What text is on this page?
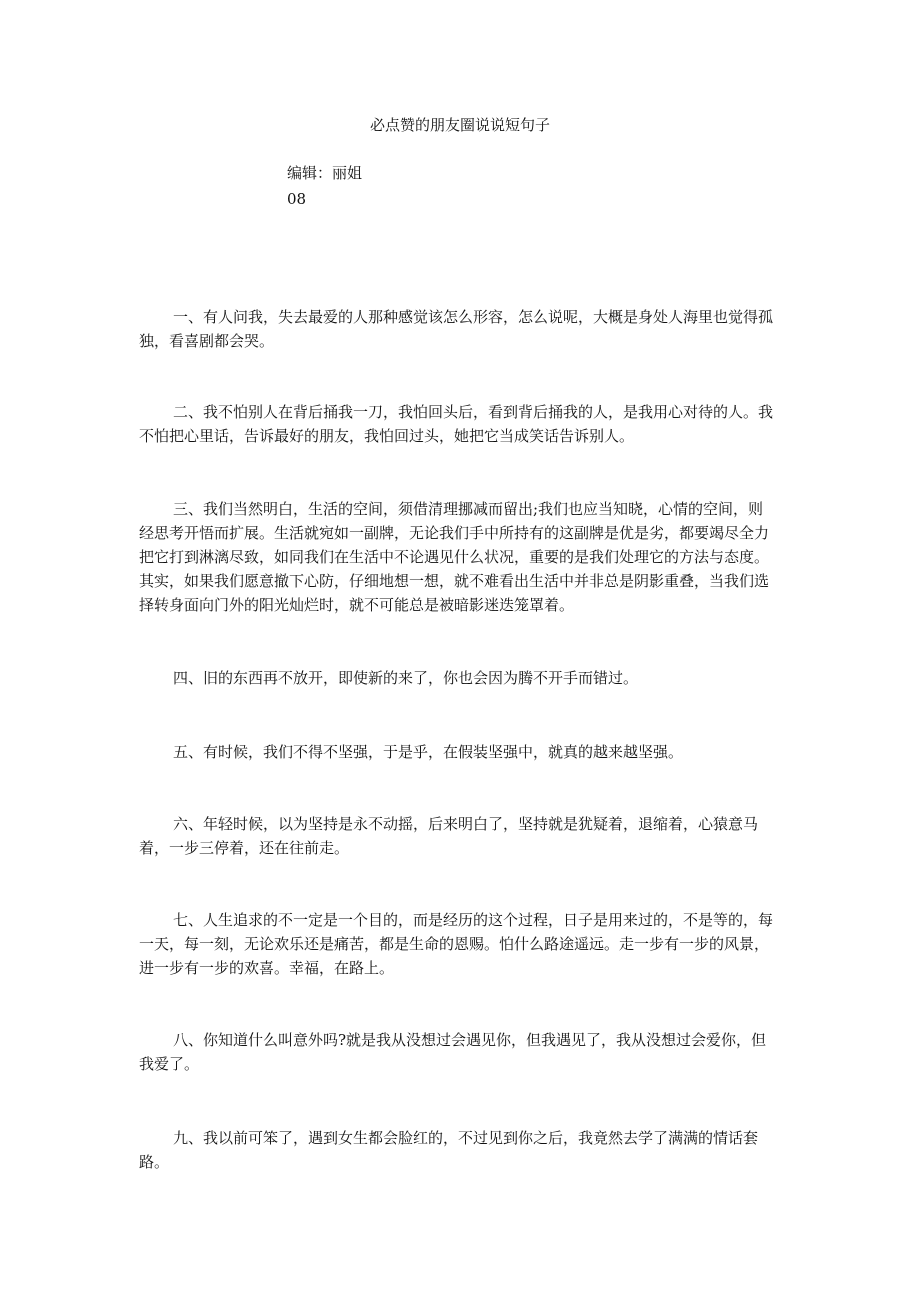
必点赞的朋友圈说说短句子
编辑：丽姐
08
一、有人问我，失去最爱的人那种感觉该怎么形容，怎么说呢，大概是身处人海里也觉得孤独，看喜剧都会哭。
二、我不怕别人在背后捅我一刀，我怕回头后，看到背后捅我的人，是我用心对待的人。我不怕把心里话，告诉最好的朋友，我怕回过头，她把它当成笑话告诉别人。
三、我们当然明白，生活的空间，须借清理挪减而留出;我们也应当知晓，心情的空间，则经思考开悟而扩展。生活就宛如一副牌，无论我们手中所持有的这副牌是优是劣，都要竭尽全力把它打到淋漓尽致，如同我们在生活中不论遇见什么状况，重要的是我们处理它的方法与态度。其实，如果我们愿意撤下心防，仔细地想一想，就不难看出生活中并非总是阴影重叠，当我们选择转身面向门外的阳光灿烂时，就不可能总是被暗影迷迭笼罩着。
四、旧的东西再不放开，即使新的来了，你也会因为腾不开手而错过。
五、有时候，我们不得不坚强，于是乎，在假装坚强中，就真的越来越坚强。
六、年轻时候，以为坚持是永不动摇，后来明白了，坚持就是犹疑着，退缩着，心猿意马着，一步三停着，还在往前走。
七、人生追求的不一定是一个目的，而是经历的这个过程，日子是用来过的，不是等的，每一天，每一刻，无论欢乐还是痛苦，都是生命的恩赐。怕什么路途遥远。走一步有一步的风景，进一步有一步的欢喜。幸福，在路上。
八、你知道什么叫意外吗?就是我从没想过会遇见你，但我遇见了，我从没想过会爱你，但我爱了。
九、我以前可笨了，遇到女生都会脸红的，不过见到你之后，我竟然去学了满满的情话套路。
